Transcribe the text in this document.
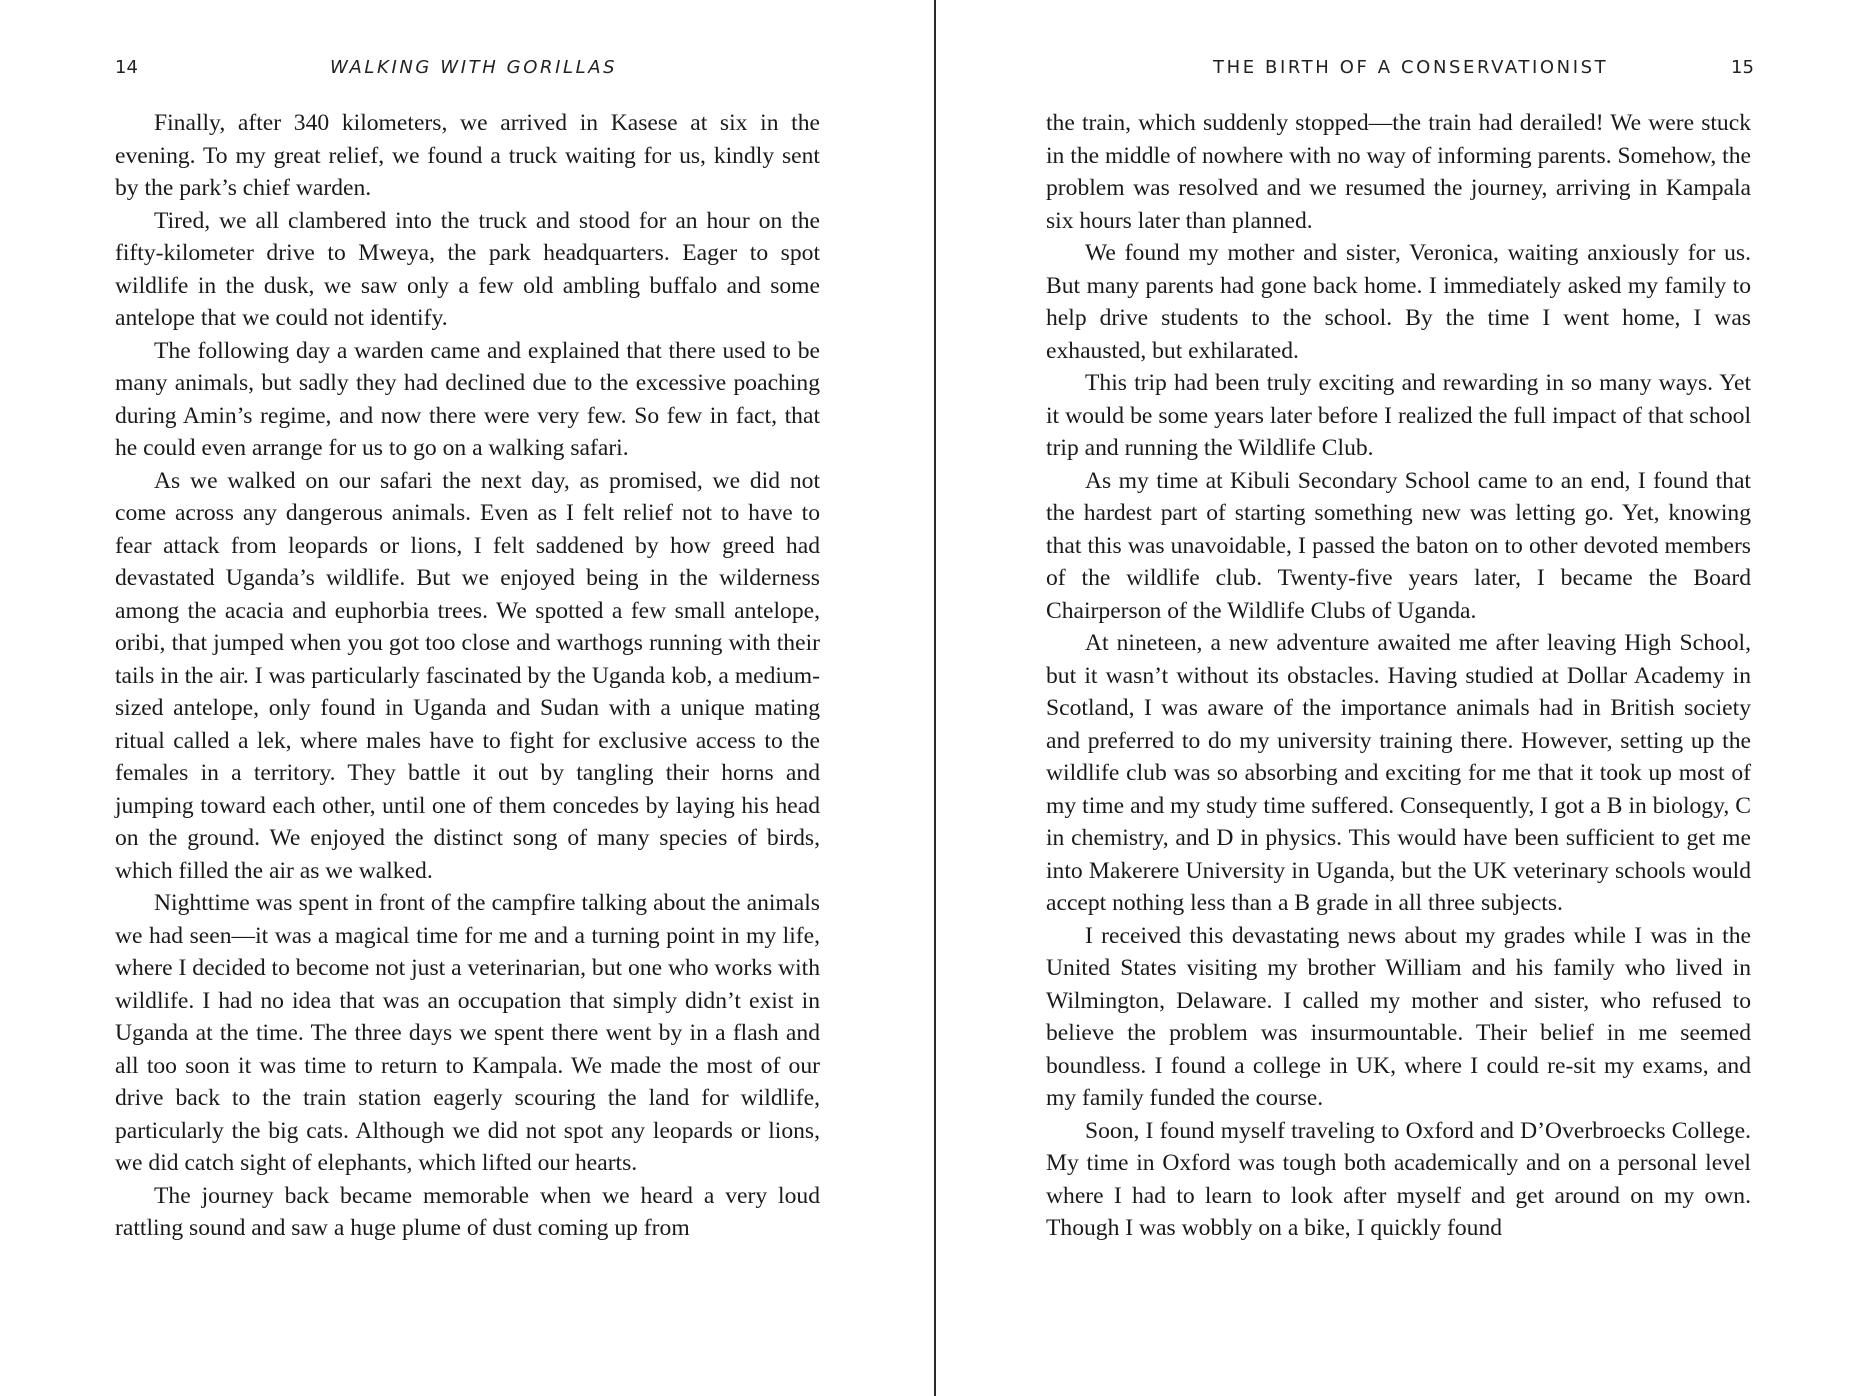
14	WALKING WITH GORILLAS

Finally, after 340 kilometers, we arrived in Kasese at six in the evening. To my great relief, we found a truck waiting for us, kindly sent by the park’s chief warden.

Tired, we all clambered into the truck and stood for an hour on the fifty-kilometer drive to Mweya, the park headquarters. Eager to spot wildlife in the dusk, we saw only a few old ambling buffalo and some antelope that we could not identify.

The following day a warden came and explained that there used to be many animals, but sadly they had declined due to the excessive poaching during Amin’s regime, and now there were very few. So few in fact, that he could even arrange for us to go on a walking safari.

As we walked on our safari the next day, as promised, we did not come across any dangerous animals. Even as I felt relief not to have to fear attack from leopards or lions, I felt saddened by how greed had devastated Uganda’s wildlife. But we enjoyed being in the wilderness among the acacia and euphorbia trees. We spotted a few small antelope, oribi, that jumped when you got too close and warthogs running with their tails in the air. I was particularly fascinated by the Uganda kob, a medium-sized antelope, only found in Uganda and Sudan with a unique mating ritual called a lek, where males have to fight for exclusive access to the females in a territory. They battle it out by tangling their horns and jumping toward each other, until one of them concedes by laying his head on the ground. We enjoyed the distinct song of many species of birds, which filled the air as we walked.

Nighttime was spent in front of the campfire talking about the animals we had seen—it was a magical time for me and a turning point in my life, where I decided to become not just a veterinarian, but one who works with wildlife. I had no idea that was an occupation that simply didn’t exist in Uganda at the time. The three days we spent there went by in a flash and all too soon it was time to return to Kampala. We made the most of our drive back to the train station eagerly scouring the land for wildlife, particularly the big cats. Although we did not spot any leopards or lions, we did catch sight of elephants, which lifted our hearts.

The journey back became memorable when we heard a very loud rattling sound and saw a huge plume of dust coming up from

THE BIRTH OF A CONSERVATIONIST	15

the train, which suddenly stopped—the train had derailed! We were stuck in the middle of nowhere with no way of informing parents. Somehow, the problem was resolved and we resumed the journey, arriving in Kampala six hours later than planned.

We found my mother and sister, Veronica, waiting anxiously for us. But many parents had gone back home. I immediately asked my family to help drive students to the school. By the time I went home, I was exhausted, but exhilarated.

This trip had been truly exciting and rewarding in so many ways. Yet it would be some years later before I realized the full impact of that school trip and running the Wildlife Club.

As my time at Kibuli Secondary School came to an end, I found that the hardest part of starting something new was letting go. Yet, knowing that this was unavoidable, I passed the baton on to other devoted members of the wildlife club. Twenty-five years later, I became the Board Chairperson of the Wildlife Clubs of Uganda.

At nineteen, a new adventure awaited me after leaving High School, but it wasn’t without its obstacles. Having studied at Dollar Academy in Scotland, I was aware of the importance animals had in British society and preferred to do my university training there. However, setting up the wildlife club was so absorbing and exciting for me that it took up most of my time and my study time suffered. Consequently, I got a B in biology, C in chemistry, and D in physics. This would have been sufficient to get me into Makerere University in Uganda, but the UK veterinary schools would accept nothing less than a B grade in all three subjects.

I received this devastating news about my grades while I was in the United States visiting my brother William and his family who lived in Wilmington, Delaware. I called my mother and sister, who refused to believe the problem was insurmountable. Their belief in me seemed boundless. I found a college in UK, where I could re-sit my exams, and my family funded the course.

Soon, I found myself traveling to Oxford and D’Overbroecks College. My time in Oxford was tough both academically and on a personal level where I had to learn to look after myself and get around on my own. Though I was wobbly on a bike, I quickly found
